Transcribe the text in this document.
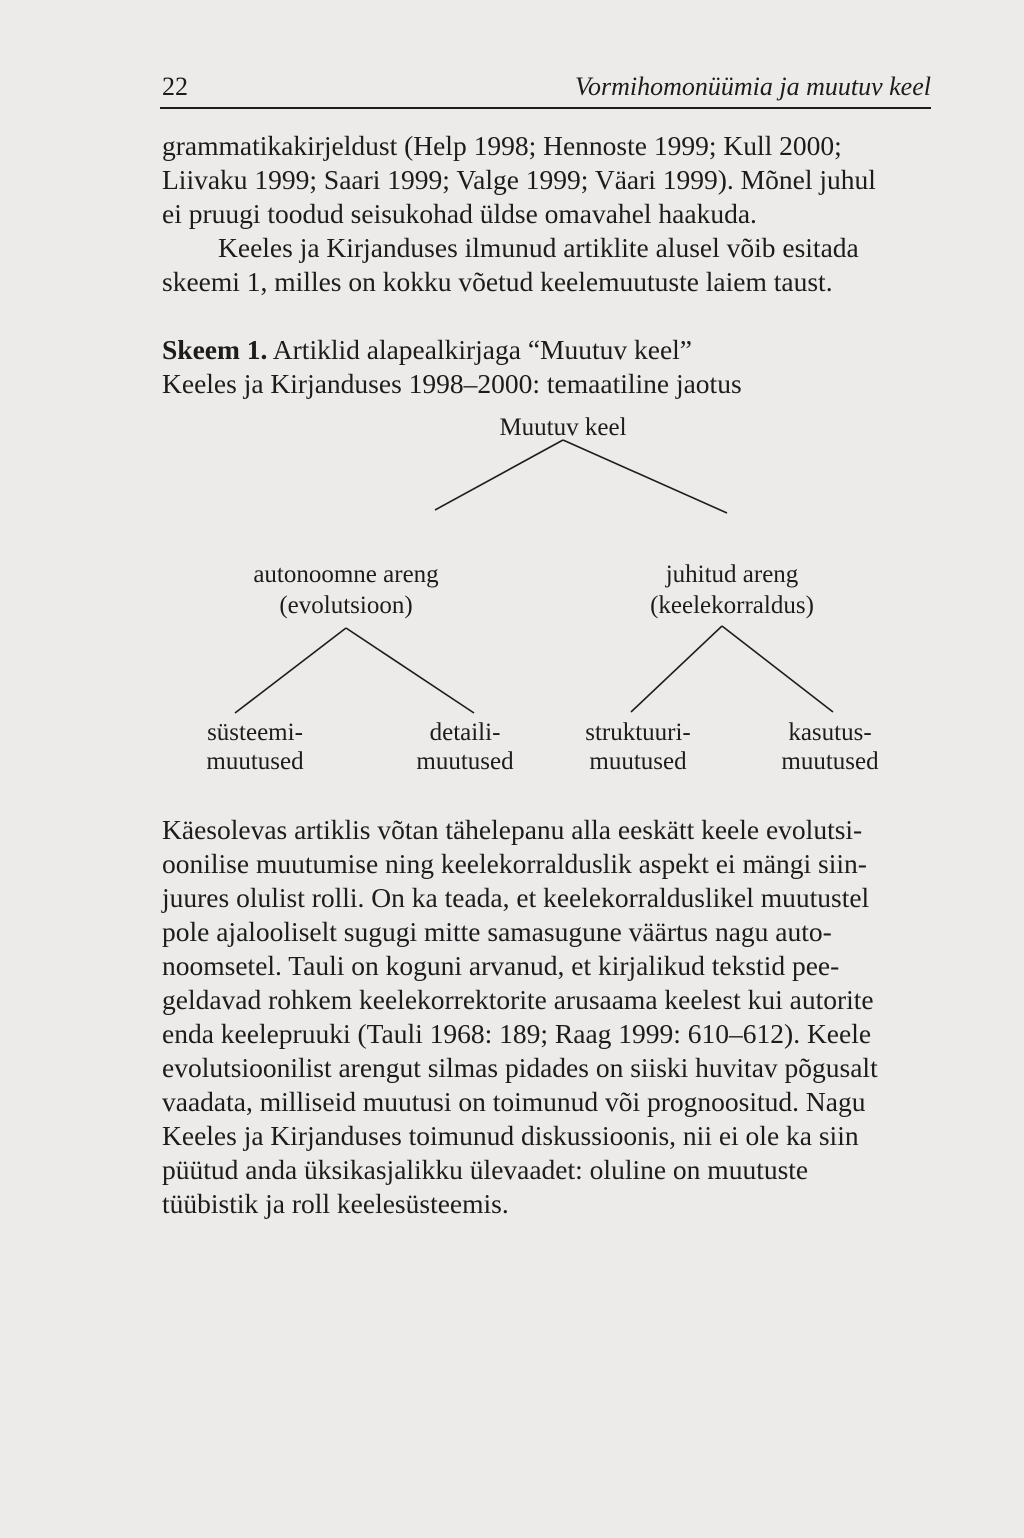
22	Vormihomonüümia ja muutuv keel
grammatikakirjeldust (Help 1998; Hennoste 1999; Kull 2000;
Liivaku 1999; Saari 1999; Valge 1999; Väari 1999). Mõnel juhul
ei pruugi toodud seisukohad üldse omavahel haakuda.
Keeles ja Kirjanduses ilmunud artiklite alusel võib esitada
skeemi 1, milles on kokku võetud keelemuutuste laiem taust.
Skeem 1. Artiklid alapealkirjaga “Muutuv keel”
Keeles ja Kirjanduses 1998–2000: temaatiline jaotus
Muutuv keel
autonoomne areng
(evolutsioon)
juhitud areng
(keelekorraldus)
süsteemi-
muutused
detaili-
muutused
struktuuri-
muutused
kasutus-
muutused
Käesolevas artiklis võtan tähelepanu alla eeskätt keele evolutsi-
oonilise muutumise ning keelekorralduslik aspekt ei mängi siin-
juures olulist rolli. On ka teada, et keelekorralduslikel muutustel
pole ajalooliselt sugugi mitte samasugune väärtus nagu auto-
noomsetel. Tauli on koguni arvanud, et kirjalikud tekstid pee-
geldavad rohkem keelekorrektorite arusaama keelest kui autorite
enda keelepruuki (Tauli 1968: 189; Raag 1999: 610–612). Keele
evolutsioonilist arengut silmas pidades on siiski huvitav põgusalt
vaadata, milliseid muutusi on toimunud või prognoositud. Nagu
Keeles ja Kirjanduses toimunud diskussioonis, nii ei ole ka siin
püütud anda üksikasjalikku ülevaadet: oluline on muutuste
tüübistik ja roll keelesüsteemis.
